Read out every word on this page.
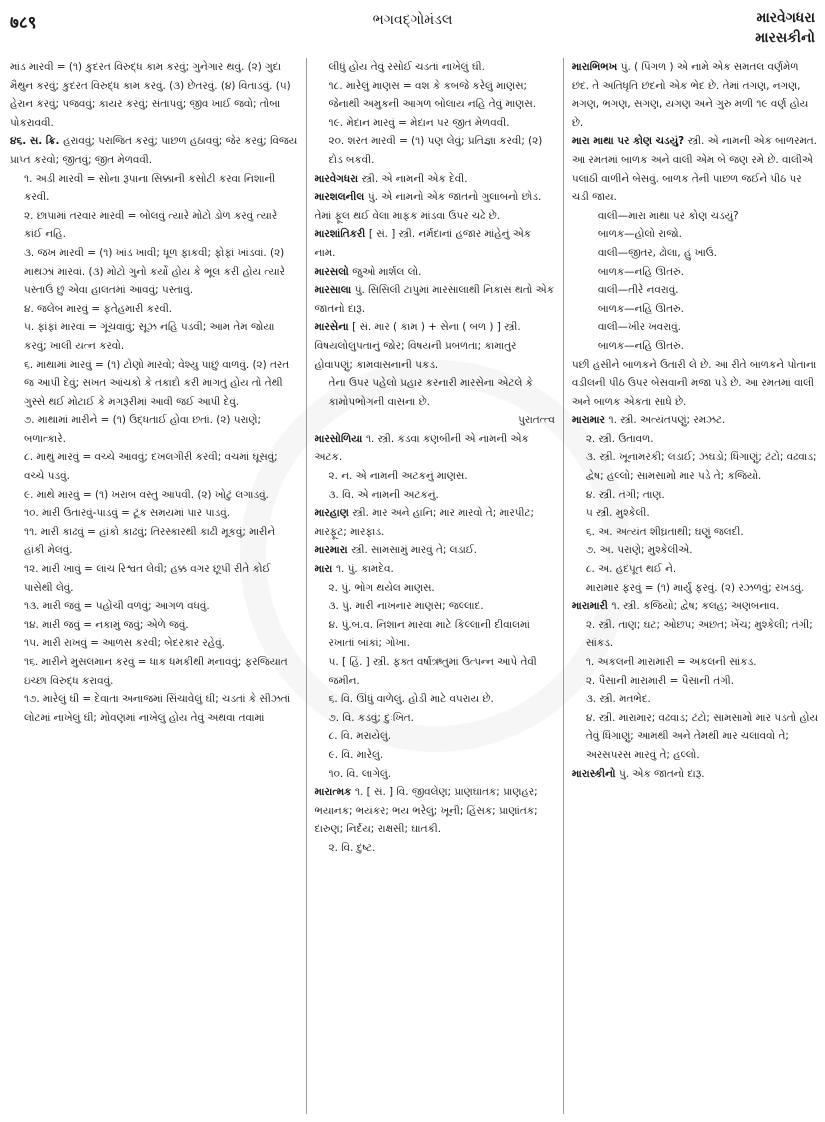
७८९	ભગવદ્ગોમંડલ	મારવેગધરા
મારસકીનો

માંડ મારવી = (૧) કુદરત વિરુદ્ધ કામ કરવું; ગુનેગાર થવું. (૨) ગુદા મૈથુન કરવું; કુદરત વિરુદ્ધ કામ કરવું. (૩) છેતરવું. (૪) વિતાડવું. (૫) હેરાન કરવું; પજવવું; કાયર કરવું; સંતાપવું; જીવ ખાઈ જવો; તોબા પોકરાવવી.

૪૬. સ. ક્રિ. હરાવવું; પરાજિત કરવું; પાછળ હઠાવવું; જેર કરવું; વિજય પ્રાપ્ત કરવો; જીતવું; જીત મેળવવી.

૧. અડી મારવી = સોના રૂપાના સિક્કાની કસોટી કરવા નિશાની કરવી.

૨. છાપામાં તરવાર મારવી = બોલવું ત્યારે મોટો ડોળ કરવું ત્યારે કાંઈ નહિ.

૩. જખ મારવી = (૧) ખાંડ ખાવી; ધૂળ ફાકવી; ફોફાં ખાંડવાં. (૨) માથઝાં મારવાં. (૩) મોટો ગુનો કર્યો હોય કે ભૂલ કરી હોય ત્યારે પસ્તાઉં છું એવા હાલતમાં આવવું; પસ્તાવું.

૪. જલેબ મારવું = ફતેહમારી કરવી.

૫. ફાંફાં મારવાં = ગૂંચવાવું; સૂઝ નહિ પડવી; આમ તેમ જોયા કરવું; ખાલી યત્ન કરવો.

૬. માથામાં મારવું = (૧) ટોણો મારવો; વેશ્યુ પાછું વાળવું. (૨) તરત જ આપી દેવું; સખત આંચકો કે તકાદો કરી માગતું હોય તો તેથી ગુસ્સે થઈ મોટાઈ કે મગરૂરીમાં આવી જઈ આપી દેવું.

૭. માથામાં મારીને = (૧) ઉદ્ધતાઈ હોવા છતાં. (૨) પરાણે; બળાત્કારે.

૮. માથું મારવું = વચ્ચે આવવું; દખલગીરી કરવી; વચમાં ઘૂસવું; વચ્ચે પડવું.

૯. માથે મારવું = (૧) ખરાબ વસ્તુ આપવી. (૨) ખોટું લગાડવું.

૧૦. મારી ઉતારવું-પાડવું = ટૂંક સમયમાં પાર પાડવું.

૧૧. મારી કાઢવું = હાંકો કાઢવું; તિરસ્કારથી કાઢી મૂકવું; મારીને હાંકી મેલવું.

૧૨. મારી ખાવું = લાંચ રિશ્વત લેવી; હક્ક વગર છૂપી રીતે કોઈ પાસેથી લેવું.

૧૩. મારી જવું = પહોંચી વળવું; આગળ વધવું.

૧૪. મારી જવું = નકામું જવું; એળે જવું.

૧૫. મારી રાખવું = આળસ કરવી; બેદરકાર રહેવું.

૧૬. મારીને મુસલમાન કરવું = ધાક ધમકીથી મનાવવું; ફરજિયાત ઇચ્છા વિરુદ્ધ કરાવવું.

૧૭. મારેલું ઘી = દેવાતા અનાજમાં સિંચાવેલું ઘી; ચડતાં કે સીઝતાં લોટમાં નાખેલું ઘી; મોવણમાં નાખેલું હોય તેવું અથવા તવામાં

લીધું હોય તેવું રસોઈ ચડતાં નાખેલું ઘી.

૧૮. મારેલું માણસ = વશ કે કબજે કરેલું માણસ; જેનાથી અમુકની આગળ બોલાય નહિ તેવું માણસ.

૧૯. મેદાન મારવું = મેદાન પર જીત મેળવવી.

૨૦. શરત મારવી = (૧) પણ લેવું; પ્રતિજ્ઞા કરવી; (૨) દોડ બકવી.

મારવેગધરા સ્ત્રી. એ નામની એક દેવી.

મારશલનીલ પું. એ નામનો એક જાતનો ગુલાબનો છોડ. તેમાં ફૂલ થઈ વેલા માફક માંડવા ઉપર ચઢે છે.

મારશાંતિકરી [ સં. ] સ્ત્રી. નર્મદાનાં હજાર માંહેનું એક નામ.

મારસલો જુઓ માર્શલ લો.

મારસાલા પું. સિસિલી ટાપુમાં મારસાલાથી નિકાસ થતો એક જાતનો દારૂ.

મારસેના [ સં. માર ( કામ ) + સેના ( બળ ) ] સ્ત્રી. વિષયલોલુપતાનું જોર; વિષયની પ્રબળતા; કામાતુર હોવાપણું; કામવાસનાની પકડ.

તેના ઉપર પહેલો પ્રહાર કરનારી મારસેના એટલે કે કામોપભોગની વાસના છે.

પુરાતત્ત્વ

મારસોળિયા ૧. સ્ત્રી. કડવા કણબીની એ નામની એક અટક.

૨. ન. એ નામની અટકનું માણસ.

૩. વિ. એ નામની અટકનું.

મારહાણ સ્ત્રી. માર અને હાનિ; માર મારવો તે; મારપીટ; મારફૂટ; મારફાડ.

મારમારા સ્ત્રી. સામસામું મારવું તે; લડાઈ.

મારા ૧. પું. કામદેવ.

૨. પું. ભોગ થયેલ માણસ.

૩. પું. મારી નાખનાર માણસ; જલ્લાદ.

૪. પું.બ.વ. નિશાન મારવા માટે કિલ્લાની દીવાલમાં રખાતાં બાંકાં; ગોખા.

૫. [ હિં. ] સ્ત્રી. ફક્ત વર્ષાઋતુમાં ઉત્પન્ન આપે તેવી જમીન.

૬. વિ. ઊંધું વાળેલું. હોડી માટે વપરાય છે.

૭. વિ. કડવું; દુઃખિત.

૮. વિ. મરાયેલું.

૯. વિ. મારેલું.

૧૦. વિ. લાગેલું.

મારાત્મક ૧. [ સં. ] વિ. જીવલેણ; પ્રાણઘાતક; પ્રાણહર; ભયાનક; ભયંકર; ભય ભરેલું; ખૂની; હિંસક; પ્રાણાંતક; દારુણ; નિર્દય; રાક્ષસી; ઘાતકી.

૨. વિ. દુષ્ટ.

મારાભિભખ પું. ( પિંગળ ) એ નામે એક સમતલ વર્ણમેળ છંદ. તે અતિધૃતિ છંદનો એક ભેદ છે. તેમાં તગણ, નગણ, મગણ, ભગણ, સગણ, યગણ અને ગુરુ મળી ૧૯ વર્ણ હોય છે.

મારા માથા પર કોણ ચડયું? સ્ત્રી. એ નામની એક બાળરમત. આ રમતમાં બાળક અને વાલી એમ બે જણ રમે છે. વાલીએ પલાંઠી વાળીને બેસવું. બાળક તેની પાછળ જઈને પીઠ પર ચડી જાય.

વાલી—મારા માથા પર કોણ ચડયું?

બાળક—હોલો રાજો.

વાલી—જીતર, ઢોલા, હું ખાઉં.

બાળક—નહિ ઊતરું.

વાલી—તીરે નવરાવું.

બાળક—નહિ ઊતરું.

વાલી—ખીર ખવરાવું.

બાળક—નહિ ઊતરું.

પછી હસીને બાળકને ઉતારી લે છે. આ રીતે બાળકને પોતાના વડીલની પીઠ ઉપર બેસવાની મજા પડે છે. આ રમતમાં વાલી અને બાળક એકતા સાધે છે.

મારામાર ૧. સ્ત્રી. અત્યંતપણું; રમઝટ.

૨. સ્ત્રી. ઉતાવળ.

૩. સ્ત્રી. ખૂનામરકી; લડાઈ; ઝઘડો; ધિંગાણું; ટંટો; વઢવાડ; દ્વેષ; હલ્લો; સામસામો માર પડે તે; કજિયો.

૪. સ્ત્રી. તંગી; તાણ.

૫ સ્ત્રી. મુશ્કેલી.

૬. અ. અત્યંત શીઘ્રતાથી; ઘણું જલદી.

૭. અ. પરાણે; મુશ્કેલીએ.

૮. અ. હદપૂત થઈ ને.

મારામાર ફરવું = (૧) માર્યું ફરવું. (૨) રઝળવું; રખડવું.

મારામારી ૧. સ્ત્રી. કજિયો; દ્વેષ; કલહ; અણબનાવ.

૨. સ્ત્રી. તાણ; ઘટ; ઓછપ; અછત; ખેંચ; મુશ્કેલી; તંગી; સાંકડ.

૧. અકલની મારામારી = અકલની સાંકડ.

૨. પૈસાની મારામારી = પૈસાની તંગી.

૩. સ્ત્રી. મતભેદ.

૪. સ્ત્રી. મારામાર; વઢવાડ; ટંટો; સામસામો માર પડતો હોય તેવું ધિંગાણું; આમથી અને તેમથી માર ચલાવવો તે; અરસપરસ મારવું તે; હલ્લો.

મારાસ્કીનો પું. એક જાતનો દારૂ.
